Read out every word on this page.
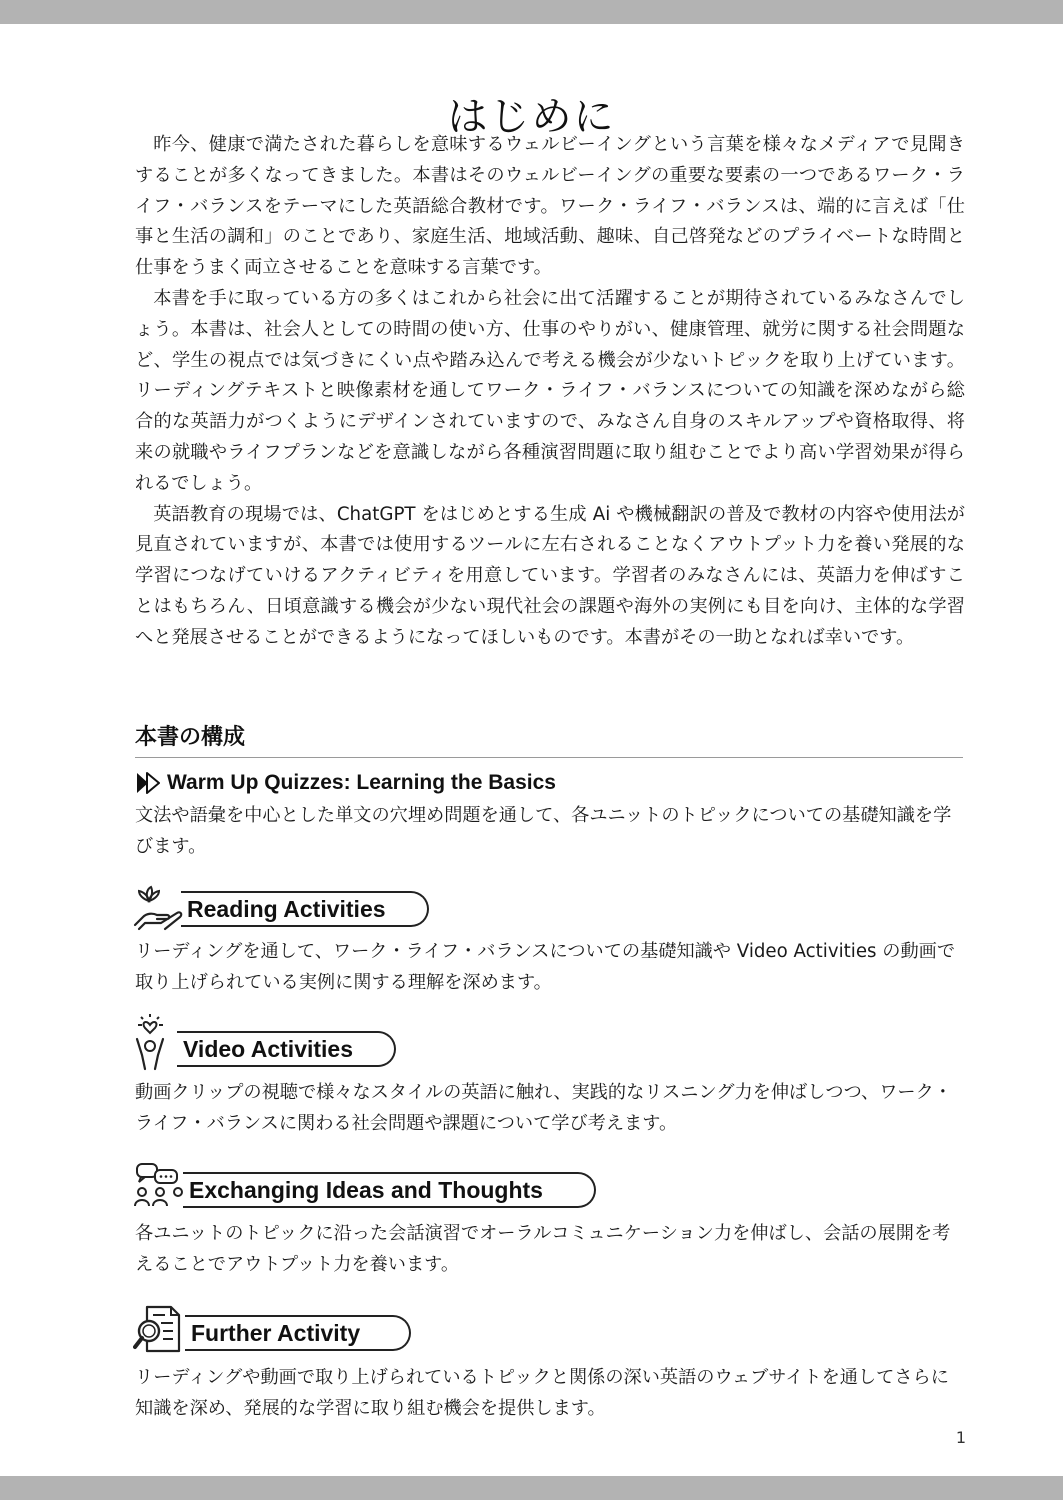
はじめに

昨今、健康で満たされた暮らしを意味するウェルビーイングという言葉を様々なメディアで見聞きすることが多くなってきました。本書はそのウェルビーイングの重要な要素の一つであるワーク・ライフ・バランスをテーマにした英語総合教材です。ワーク・ライフ・バランスは、端的に言えば「仕事と生活の調和」のことであり、家庭生活、地域活動、趣味、自己啓発などのプライベートな時間と仕事をうまく両立させることを意味する言葉です。

本書を手に取っている方の多くはこれから社会に出て活躍することが期待されているみなさんでしょう。本書は、社会人としての時間の使い方、仕事のやりがい、健康管理、就労に関する社会問題など、学生の視点では気づきにくい点や踏み込んで考える機会が少ないトピックを取り上げています。リーディングテキストと映像素材を通してワーク・ライフ・バランスについての知識を深めながら総合的な英語力がつくようにデザインされていますので、みなさん自身のスキルアップや資格取得、将来の就職やライフプランなどを意識しながら各種演習問題に取り組むことでより高い学習効果が得られるでしょう。

英語教育の現場では、ChatGPT をはじめとする生成 Ai や機械翻訳の普及で教材の内容や使用法が見直されていますが、本書では使用するツールに左右されることなくアウトプット力を養い発展的な学習につなげていけるアクティビティを用意しています。学習者のみなさんには、英語力を伸ばすことはもちろん、日頃意識する機会が少ない現代社会の課題や海外の実例にも目を向け、主体的な学習へと発展させることができるようになってほしいものです。本書がその一助となれば幸いです。

本書の構成
Warm Up Quizzes: Learning the Basics

文法や語彙を中心とした単文の穴埋め問題を通して、各ユニットのトピックについての基礎知識を学びます。

Reading Activities

リーディングを通して、ワーク・ライフ・バランスについての基礎知識や Video Activities の動画で取り上げられている実例に関する理解を深めます。

Video Activities

動画クリップの視聴で様々なスタイルの英語に触れ、実践的なリスニング力を伸ばしつつ、ワーク・ライフ・バランスに関わる社会問題や課題について学び考えます。

Exchanging Ideas and Thoughts

各ユニットのトピックに沿った会話演習でオーラルコミュニケーション力を伸ばし、会話の展開を考えることでアウトプット力を養います。

Further Activity

リーディングや動画で取り上げられているトピックと関係の深い英語のウェブサイトを通してさらに知識を深め、発展的な学習に取り組む機会を提供します。

1
